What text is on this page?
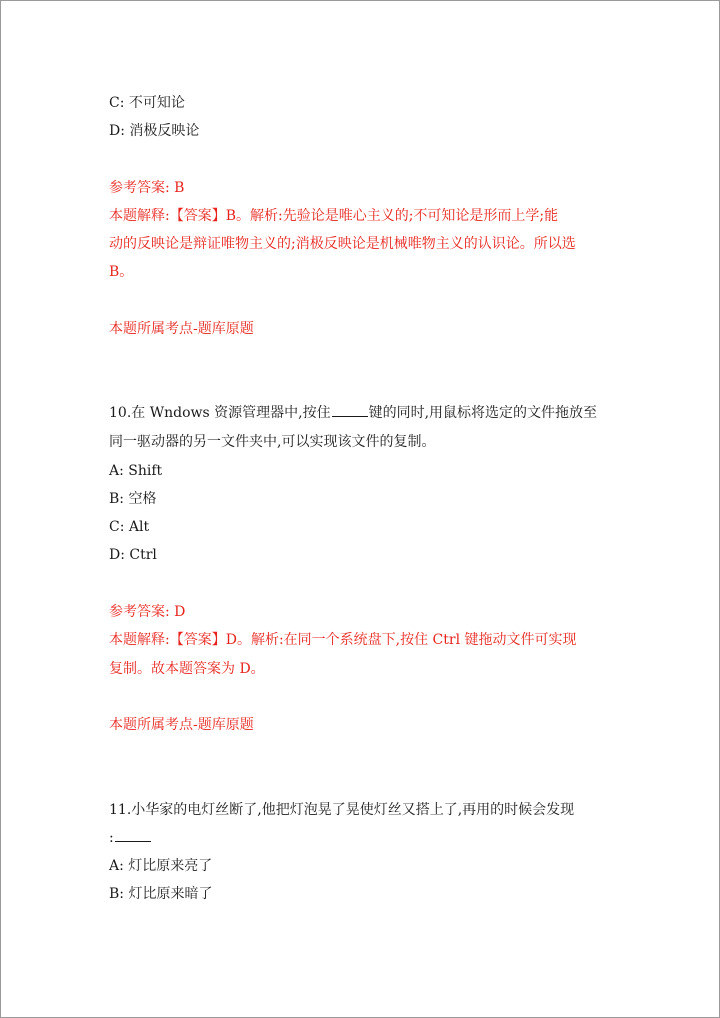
C: 不可知论
D: 消极反映论
参考答案: B
本题解释:【答案】B。解析:先验论是唯心主义的;不可知论是形而上学;能
动的反映论是辩证唯物主义的;消极反映论是机械唯物主义的认识论。所以选
B。
本题所属考点-题库原题
10.在 Wndows 资源管理器中,按住	键的同时,用鼠标将选定的文件拖放至
同一驱动器的另一文件夹中,可以实现该文件的复制。
A: Shift
B: 空格
C: Alt
D: Ctrl
参考答案: D
本题解释:【答案】D。解析:在同一个系统盘下,按住 Ctrl 键拖动文件可实现
复制。故本题答案为 D。
本题所属考点-题库原题
11.小华家的电灯丝断了,他把灯泡晃了晃使灯丝又搭上了,再用的时候会发现
:
A: 灯比原来亮了
B: 灯比原来暗了
